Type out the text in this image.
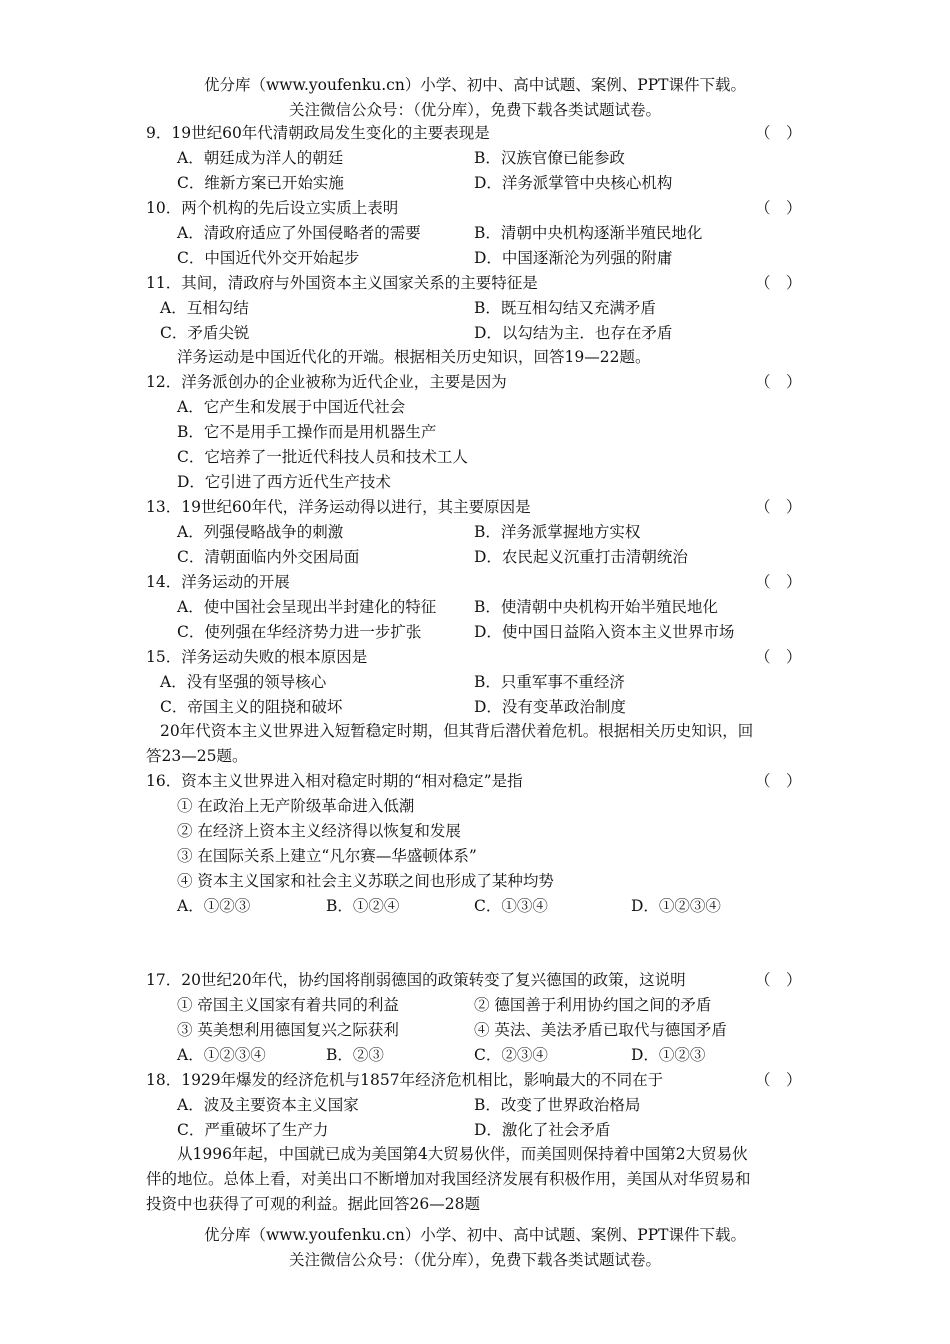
优分库（www.youfenku.cn）小学、初中、高中试题、案例、PPT课件下载。
关注微信公众号：（优分库），免费下载各类试题试卷。
9．19世纪60年代清朝政局发生变化的主要表现是	（　）
A．朝廷成为洋人的朝廷	B．汉族官僚已能参政
C．维新方案已开始实施	D．洋务派掌管中央核心机构
10．两个机构的先后设立实质上表明	（　）
A．清政府适应了外国侵略者的需要	B．清朝中央机构逐渐半殖民地化
C．中国近代外交开始起步	D．中国逐渐沦为列强的附庸
11．其间，清政府与外国资本主义国家关系的主要特征是	（　）
A．互相勾结	B．既互相勾结又充满矛盾
C．矛盾尖锐	D．以勾结为主．也存在矛盾
洋务运动是中国近代化的开端。根据相关历史知识，回答19—22题。
12．洋务派创办的企业被称为近代企业，主要是因为	（　）
A．它产生和发展于中国近代社会
B．它不是用手工操作而是用机器生产
C．它培养了一批近代科技人员和技术工人
D．它引进了西方近代生产技术
13．19世纪60年代，洋务运动得以进行，其主要原因是	（　）
A．列强侵略战争的刺激	B．洋务派掌握地方实权
C．清朝面临内外交困局面	D．农民起义沉重打击清朝统治
14．洋务运动的开展	（　）
A．使中国社会呈现出半封建化的特征 B．使清朝中央机构开始半殖民地化
C．使列强在华经济势力进一步扩张	D．使中国日益陷入资本主义世界市场
15．洋务运动失败的根本原因是	（　）
A．没有坚强的领导核心	B．只重军事不重经济
C．帝国主义的阻挠和破坏	D．没有变革政治制度
20年代资本主义世界进入短暂稳定时期，但其背后潜伏着危机。根据相关历史知识，回
答23—25题。
16．资本主义世界进入相对稳定时期的“相对稳定”是指	（　）
① 在政治上无产阶级革命进入低潮
② 在经济上资本主义经济得以恢复和发展
③ 在国际关系上建立“凡尔赛—华盛顿体系”
④ 资本主义国家和社会主义苏联之间也形成了某种均势
A．①②③	B．①②④	C．①③④	D．①②③④
17．20世纪20年代，协约国将削弱德国的政策转变了复兴德国的政策，这说明	（　）
① 帝国主义国家有着共同的利益	② 德国善于利用协约国之间的矛盾
③ 英美想利用德国复兴之际获利	④ 英法、美法矛盾已取代与德国矛盾
A．①②③④	B．②③	C．②③④	D．①②③
18．1929年爆发的经济危机与1857年经济危机相比，影响最大的不同在于	（　）
A．波及主要资本主义国家	B．改变了世界政治格局
C．严重破坏了生产力	D．激化了社会矛盾
从1996年起，中国就已成为美国第4大贸易伙伴，而美国则保持着中国第2大贸易伙
伴的地位。总体上看，对美出口不断增加对我国经济发展有积极作用，美国从对华贸易和
投资中也获得了可观的利益。据此回答26—28题
优分库（www.youfenku.cn）小学、初中、高中试题、案例、PPT课件下载。
关注微信公众号：（优分库），免费下载各类试题试卷。
